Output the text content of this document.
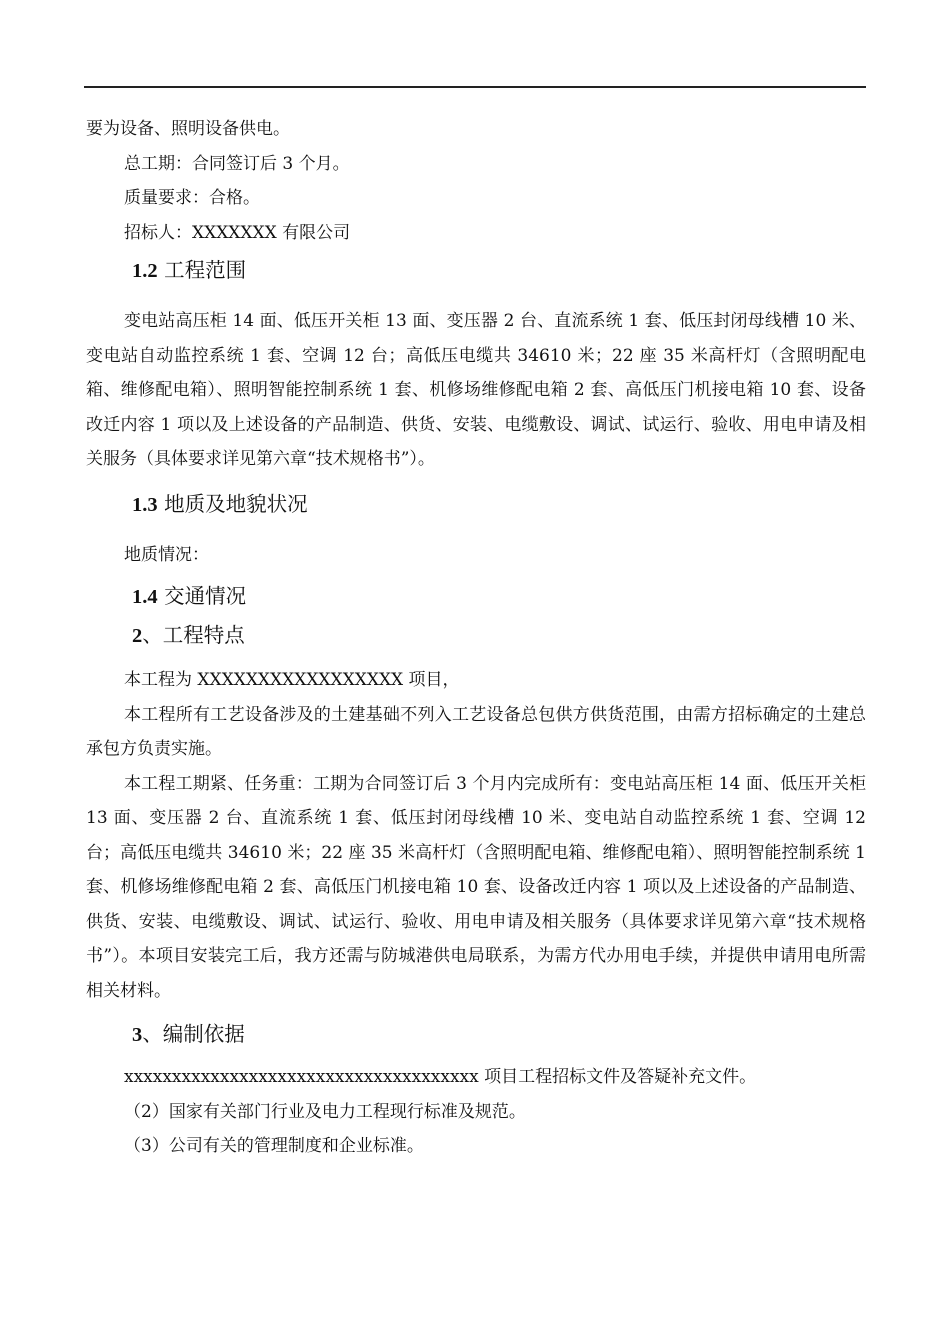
要为设备、照明设备供电。

总工期：合同签订后 3 个月。

质量要求：合格。

招标人：XXXXXXX 有限公司

1.2 工程范围

变电站高压柜 14 面、低压开关柜 13 面、变压器 2 台、直流系统 1 套、低压封闭母线槽 10 米、变电站自动监控系统 1 套、空调 12 台；高低压电缆共 34610 米；22 座 35 米高杆灯（含照明配电箱、维修配电箱）、照明智能控制系统 1 套、机修场维修配电箱 2 套、高低压门机接电箱 10 套、设备改迁内容 1 项以及上述设备的产品制造、供货、安装、电缆敷设、调试、试运行、验收、用电申请及相关服务（具体要求详见第六章“技术规格书”）。

1.3 地质及地貌状况

地质情况：

1.4 交通情况
2、工程特点

本工程为 XXXXXXXXXXXXXXXXX 项目，

本工程所有工艺设备涉及的土建基础不列入工艺设备总包供方供货范围，由需方招标确定的土建总承包方负责实施。

本工程工期紧、任务重：工期为合同签订后 3 个月内完成所有：变电站高压柜 14 面、低压开关柜 13 面、变压器 2 台、直流系统 1 套、低压封闭母线槽 10 米、变电站自动监控系统 1 套、空调 12 台；高低压电缆共 34610 米；22 座 35 米高杆灯（含照明配电箱、维修配电箱）、照明智能控制系统 1 套、机修场维修配电箱 2 套、高低压门机接电箱 10 套、设备改迁内容 1 项以及上述设备的产品制造、供货、安装、电缆敷设、调试、试运行、验收、用电申请及相关服务（具体要求详见第六章“技术规格书”）。本项目安装完工后，我方还需与防城港供电局联系，为需方代办用电手续，并提供申请用电所需相关材料。

3、编制依据

xxxxxxxxxxxxxxxxxxxxxxxxxxxxxxxxxxxxx 项目工程招标文件及答疑补充文件。

（2）国家有关部门行业及电力工程现行标准及规范。

（3）公司有关的管理制度和企业标准。
